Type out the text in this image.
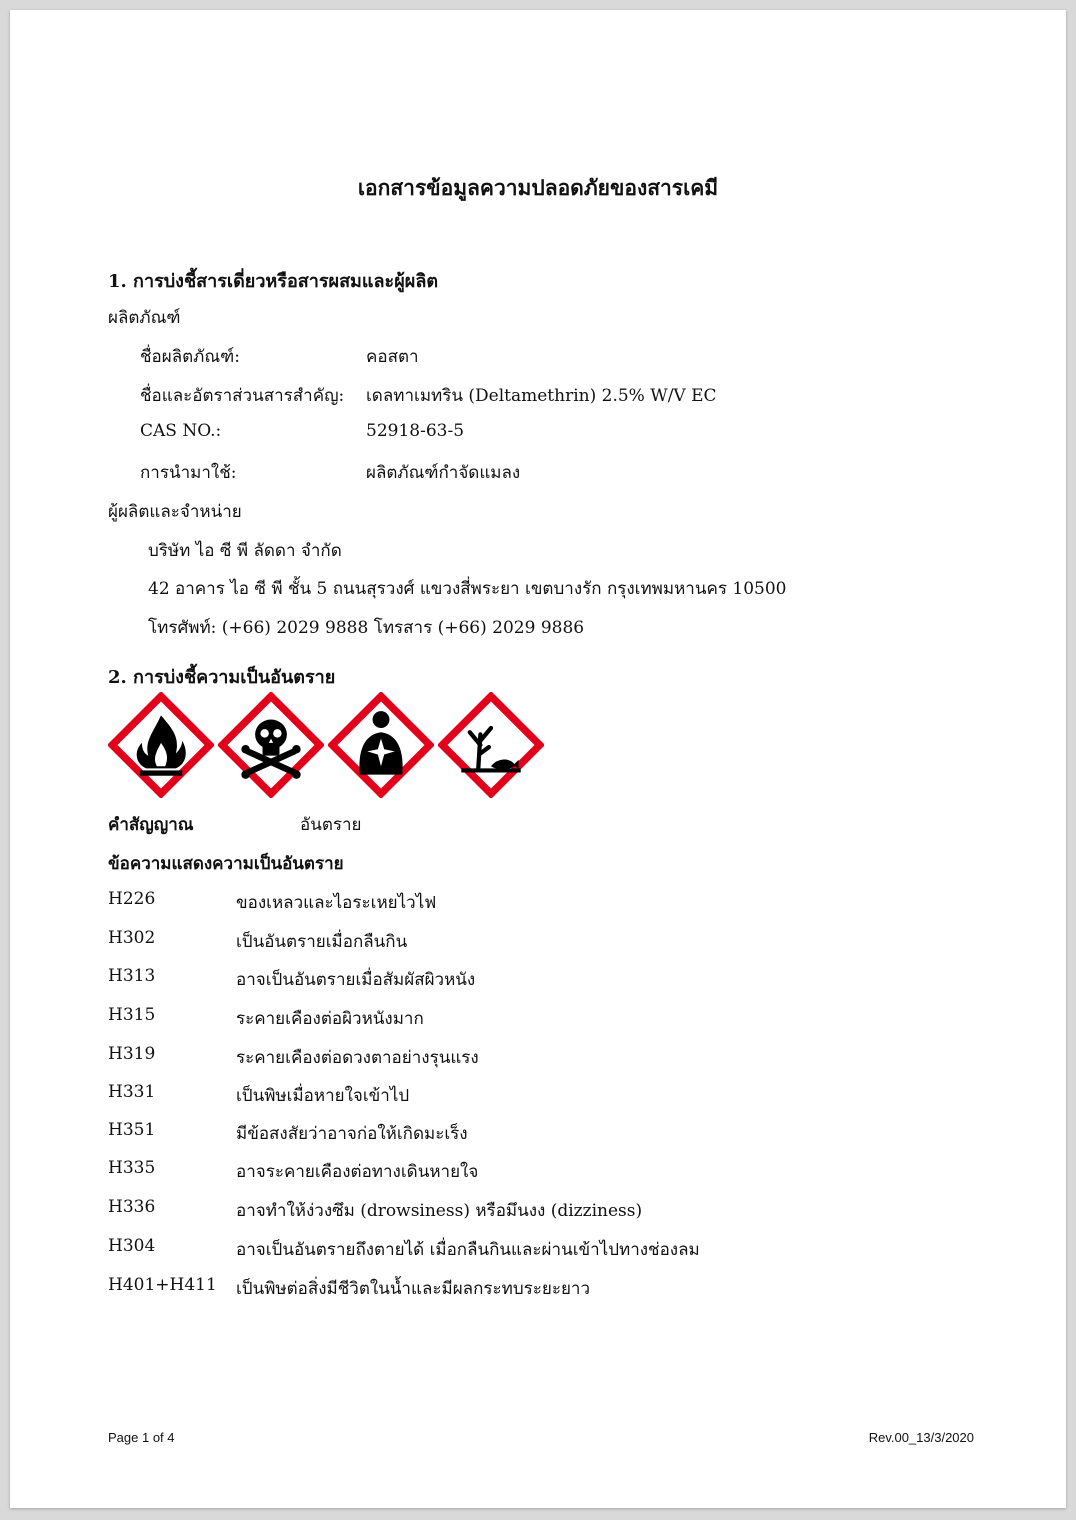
เอกสารข้อมูลความปลอดภัยของสารเคมี
1. การบ่งชี้สารเดี่ยวหรือสารผสมและผู้ผลิต
ผลิตภัณฑ์
ชื่อผลิตภัณฑ์:	คอสตา
ชื่อและอัตราส่วนสารสำคัญ: เดลทาเมทริน (Deltamethrin) 2.5% W/V EC
CAS NO.:	52918-63-5
การนำมาใช้:	ผลิตภัณฑ์กำจัดแมลง
ผู้ผลิตและจำหน่าย
บริษัท ไอ ซี พี ลัดดา จำกัด
42 อาคาร ไอ ซี พี ชั้น 5 ถนนสุรวงศ์ แขวงสี่พระยา เขตบางรัก กรุงเทพมหานคร 10500
โทรศัพท์: (+66) 2029 9888 โทรสาร (+66) 2029 9886
2. การบ่งชี้ความเป็นอันตราย
คำสัญญาณ	อันตราย
ข้อความแสดงความเป็นอันตราย
H226	ของเหลวและไอระเหยไวไฟ
H302	เป็นอันตรายเมื่อกลืนกิน
H313	อาจเป็นอันตรายเมื่อสัมผัสผิวหนัง
H315	ระคายเคืองต่อผิวหนังมาก
H319	ระคายเคืองต่อดวงตาอย่างรุนแรง
H331	เป็นพิษเมื่อหายใจเข้าไป
H351	มีข้อสงสัยว่าอาจก่อให้เกิดมะเร็ง
H335	อาจระคายเคืองต่อทางเดินหายใจ
H336	อาจทำให้ง่วงซึม (drowsiness) หรือมึนงง (dizziness)
H304	อาจเป็นอันตรายถึงตายได้ เมื่อกลืนกินและผ่านเข้าไปทางช่องลม
H401+H411 เป็นพิษต่อสิ่งมีชีวิตในน้ำและมีผลกระทบระยะยาว
Page 1 of 4	Rev.00_13/3/2020
